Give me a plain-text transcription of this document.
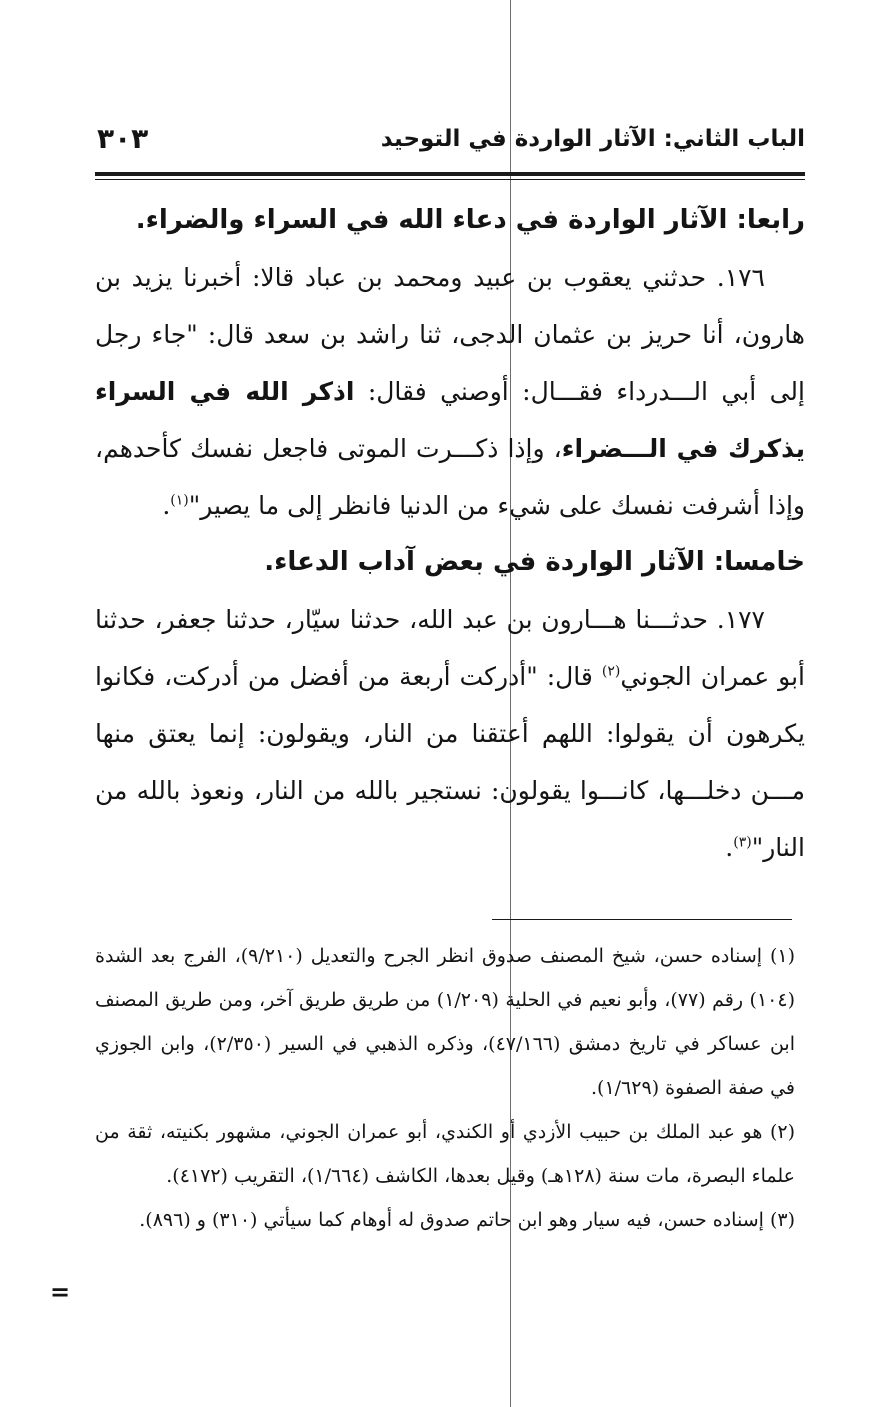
الباب الثاني: الآثار الواردة في التوحيد
٣٠٣

رابعا: الآثار الواردة في دعاء الله في السراء والضراء.

١٧٦. حدثني يعقوب بن عبيد ومحمد بن عباد قالا: أخبرنا يزيد بن هارون، أنا حريز بن عثمان الدجى، ثنا راشد بن سعد قال: "جاء رجل إلى أبي الـــدرداء فقـــال: أوصني فقال: اذكر الله في السراء يذكرك في الـــضراء، وإذا ذكـــرت الموتى فاجعل نفسك كأحدهم، وإذا أشرفت نفسك على شيء من الدنيا فانظر إلى ما يصير"$^{(١)}$.

خامسا: الآثار الواردة في بعض آداب الدعاء.

١٧٧. حدثـــنا هـــارون بن عبد الله، حدثنا سيّار، حدثنا جعفر، حدثنا أبو عمران الجوني$^{(٢)}$ قال: "أدركت أربعة من أفضل من أدركت، فكانوا يكرهون أن يقولوا: اللهم أعتقنا من النار، ويقولون: إنما يعتق منها مـــن دخلـــها، كانـــوا يقولون: نستجير بالله من النار، ونعوذ بالله من النار"$^{(٣)}$.

(١) إسناده حسن، شيخ المصنف صدوق انظر الجرح والتعديل (٩/٢١٠)، الفرج بعد الشدة (١٠٤) رقم (٧٧)، وأبو نعيم في الحلية (١/٢٠٩) من طريق طريق آخر، ومن طريق المصنف ابن عساكر في تاريخ دمشق (٤٧/١٦٦)، وذكره الذهبي في السير (٢/٣٥٠)، وابن الجوزي في صفة الصفوة (١/٦٢٩).

(٢) هو عبد الملك بن حبيب الأزدي أو الكندي، أبو عمران الجوني، مشهور بكنيته، ثقة من علماء البصرة، مات سنة (١٢٨هـ) وقيل بعدها، الكاشف (١/٦٦٤)، التقريب (٤١٧٢).

(٣) إسناده حسن، فيه سيار وهو ابن حاتم صدوق له أوهام كما سيأتي (٣١٠) و (٨٩٦).

=
